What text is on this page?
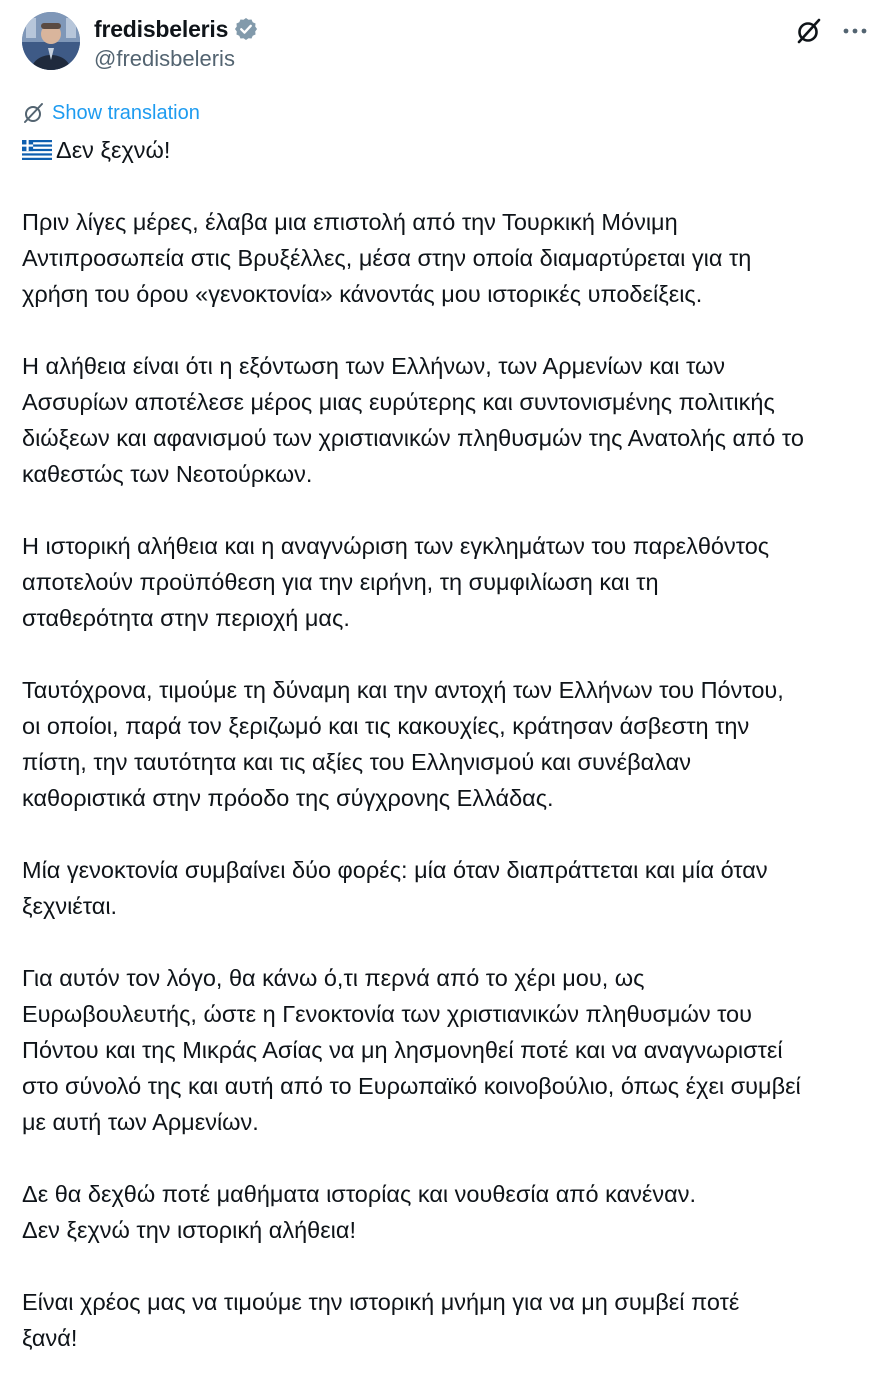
fredisbeleris
@fredisbeleris
Show translation
Δεν ξεχνώ!

Πριν λίγες μέρες, έλαβα μια επιστολή από την Τουρκική Μόνιμη

Αντιπροσωπεία στις Βρυξέλλες, μέσα στην οποία διαμαρτύρεται για τη

χρήση του όρου «γενοκτονία» κάνοντάς μου ιστορικές υποδείξεις.

Η αλήθεια είναι ότι η εξόντωση των Ελλήνων, των Αρμενίων και των

Ασσυρίων αποτέλεσε μέρος μιας ευρύτερης και συντονισμένης πολιτικής

διώξεων και αφανισμού των χριστιανικών πληθυσμών της Ανατολής από το

καθεστώς των Νεοτούρκων.

Η ιστορική αλήθεια και η αναγνώριση των εγκλημάτων του παρελθόντος

αποτελούν προϋπόθεση για την ειρήνη, τη συμφιλίωση και τη

σταθερότητα στην περιοχή μας.

Ταυτόχρονα, τιμούμε τη δύναμη και την αντοχή των Ελλήνων του Πόντου,

οι οποίοι, παρά τον ξεριζωμό και τις κακουχίες, κράτησαν άσβεστη την

πίστη, την ταυτότητα και τις αξίες του Ελληνισμού και συνέβαλαν

καθοριστικά στην πρόοδο της σύγχρονης Ελλάδας.

Μία γενοκτονία συμβαίνει δύο φορές: μία όταν διαπράττεται και μία όταν

ξεχνιέται.

Για αυτόν τον λόγο, θα κάνω ό,τι περνά από το χέρι μου, ως

Ευρωβουλευτής, ώστε η Γενοκτονία των χριστιανικών πληθυσμών του

Πόντου και της Μικράς Ασίας να μη λησμονηθεί ποτέ και να αναγνωριστεί

στο σύνολό της και αυτή από το Ευρωπαϊκό κοινοβούλιο, όπως έχει συμβεί

με αυτή των Αρμενίων.

Δε θα δεχθώ ποτέ μαθήματα ιστορίας και νουθεσία από κανέναν.

Δεν ξεχνώ την ιστορική αλήθεια!

Είναι χρέος μας να τιμούμε την ιστορική μνήμη για να μη συμβεί ποτέ

ξανά!
